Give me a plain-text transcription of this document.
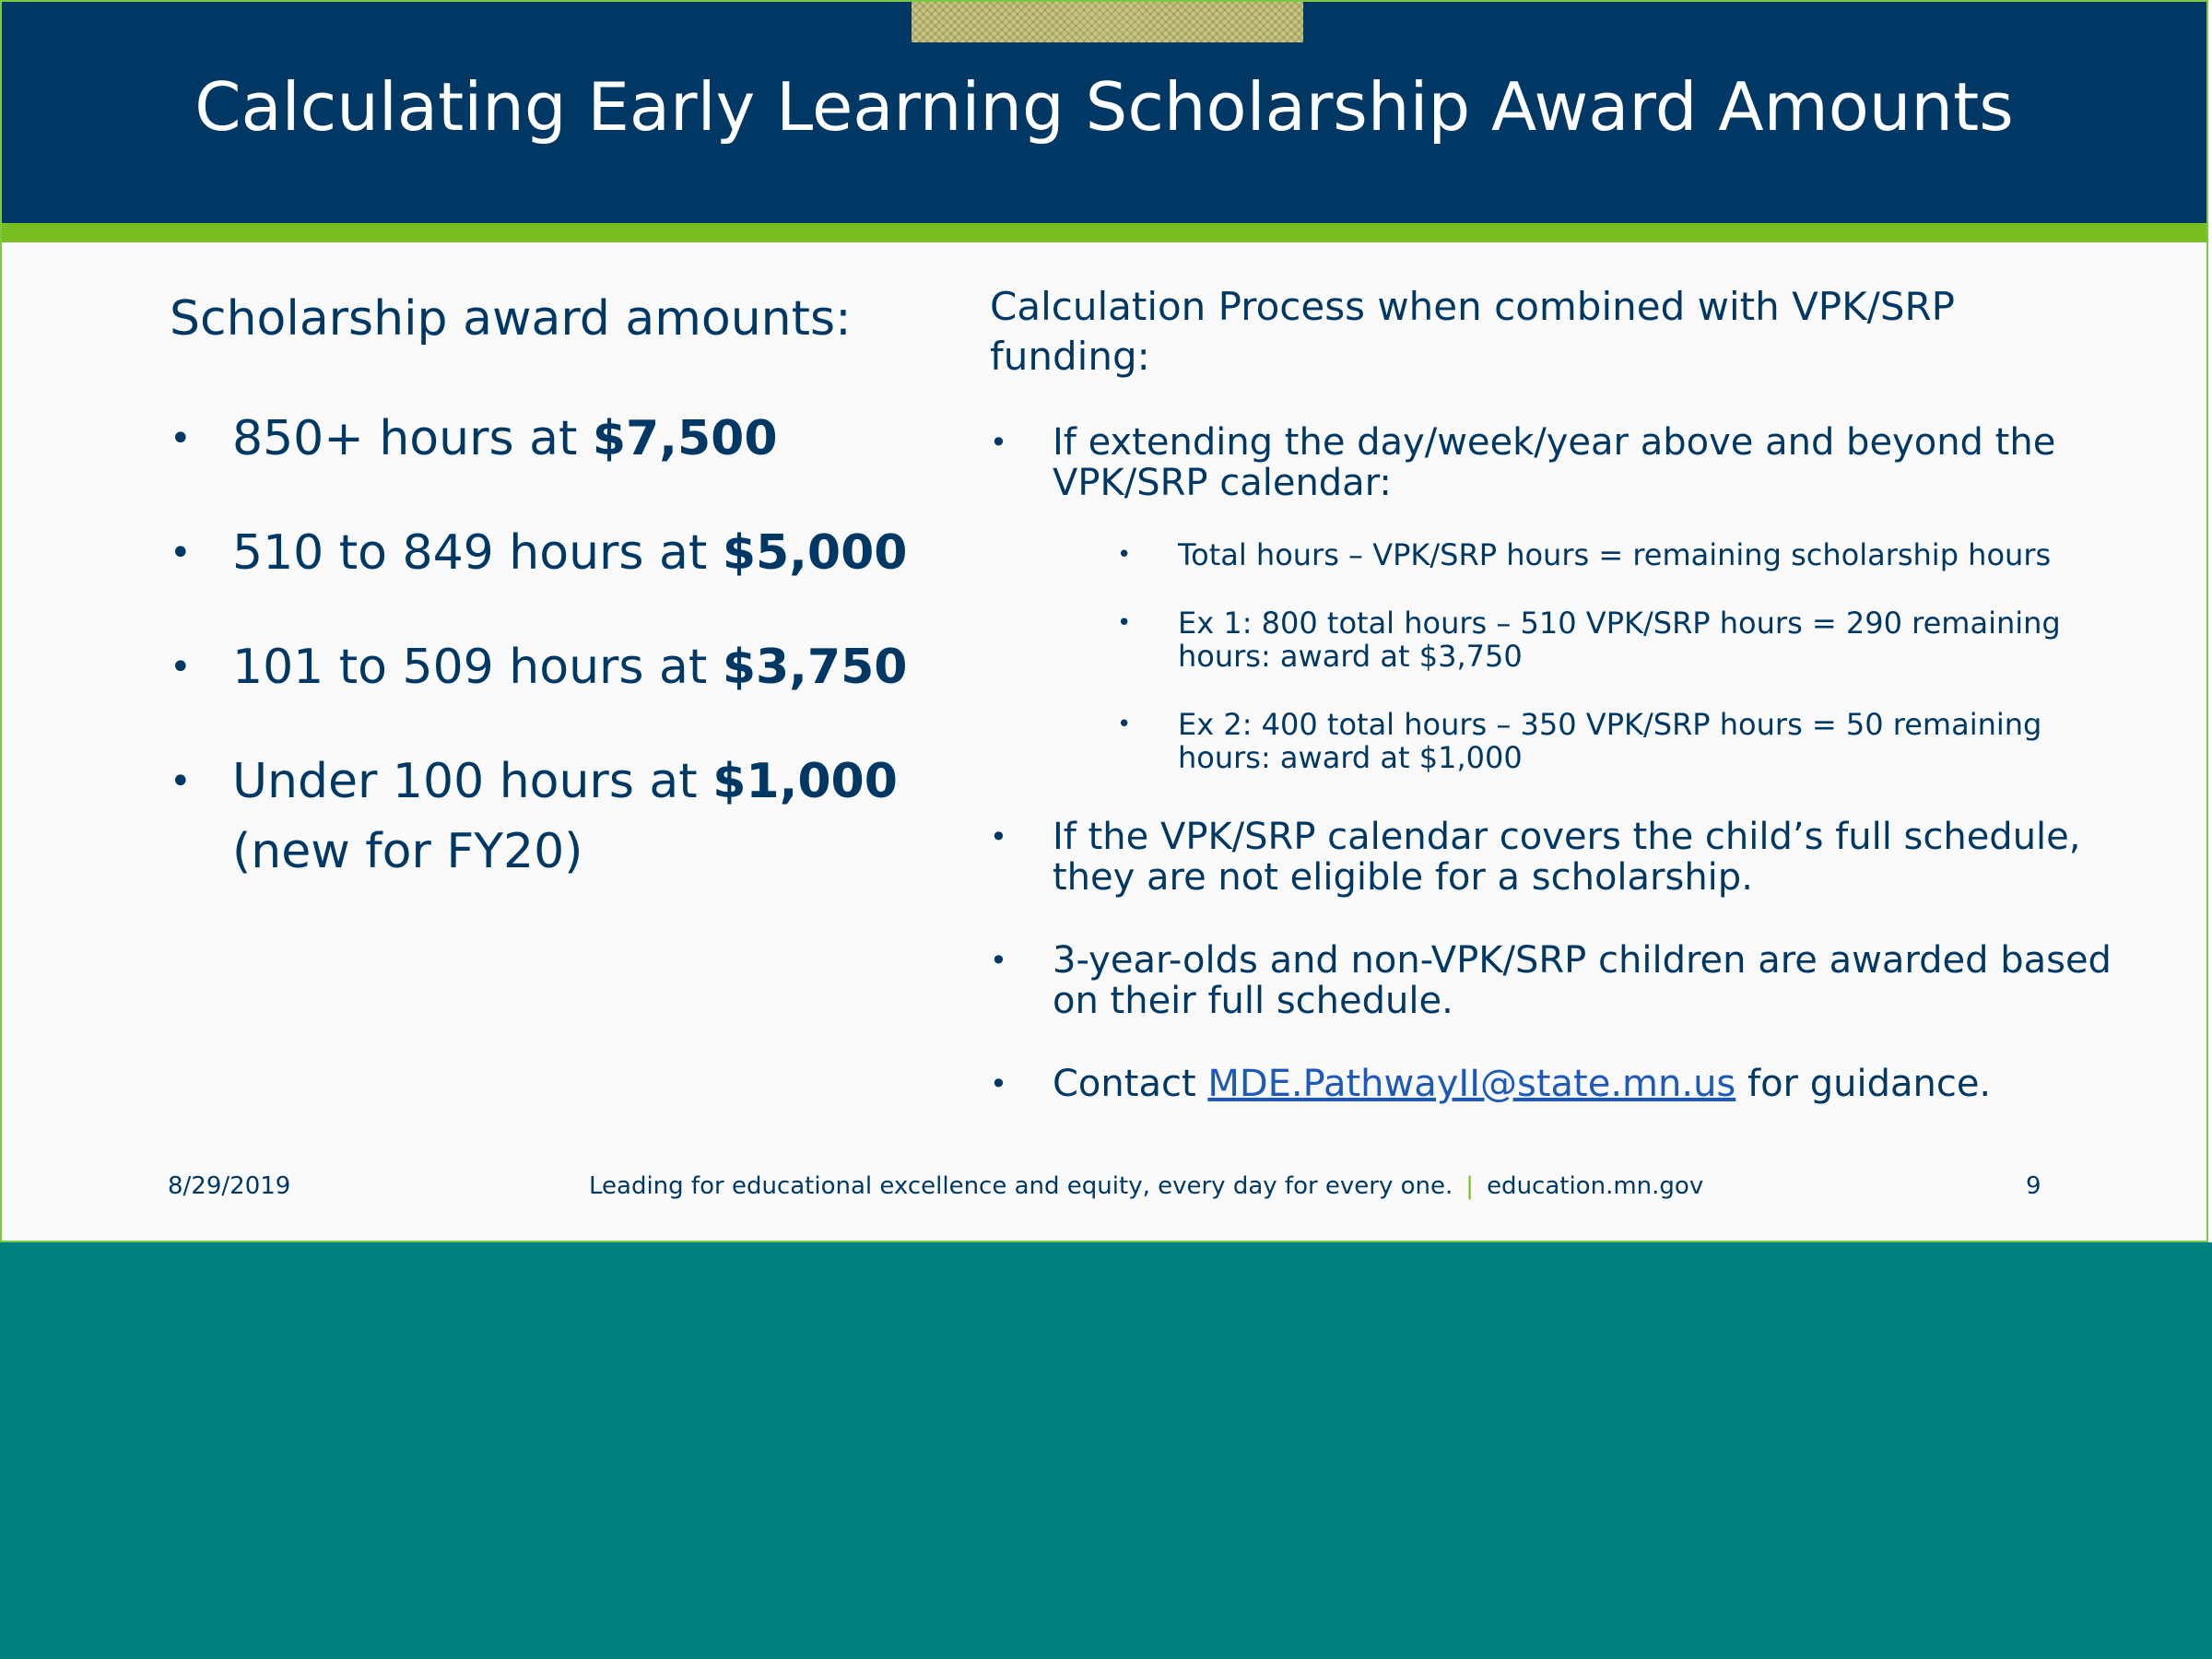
Calculating Early Learning Scholarship Award Amounts
Scholarship award amounts:
• 850+ hours at $7,500
• 510 to 849 hours at $5,000
• 101 to 509 hours at $3,750
• Under 100 hours at $1,000
(new for FY20)
Calculation Process when combined with VPK/SRP funding:
• If extending the day/week/year above and beyond the VPK/SRP calendar:
•	Total hours – VPK/SRP hours = remaining scholarship hours
•	Ex 1: 800 total hours – 510 VPK/SRP hours = 290 remaining hours: award at $3,750
•	Ex 2: 400 total hours – 350 VPK/SRP hours = 50 remaining hours: award at $1,000
• If the VPK/SRP calendar covers the child’s full schedule, they are not eligible for a scholarship.
• 3-year-olds and non-VPK/SRP children are awarded based on their full schedule.
• Contact MDE.PathwayII@state.mn.us for guidance.
8/29/2019	Leading for educational excellence and equity, every day for every one. | education.mn.gov	9
